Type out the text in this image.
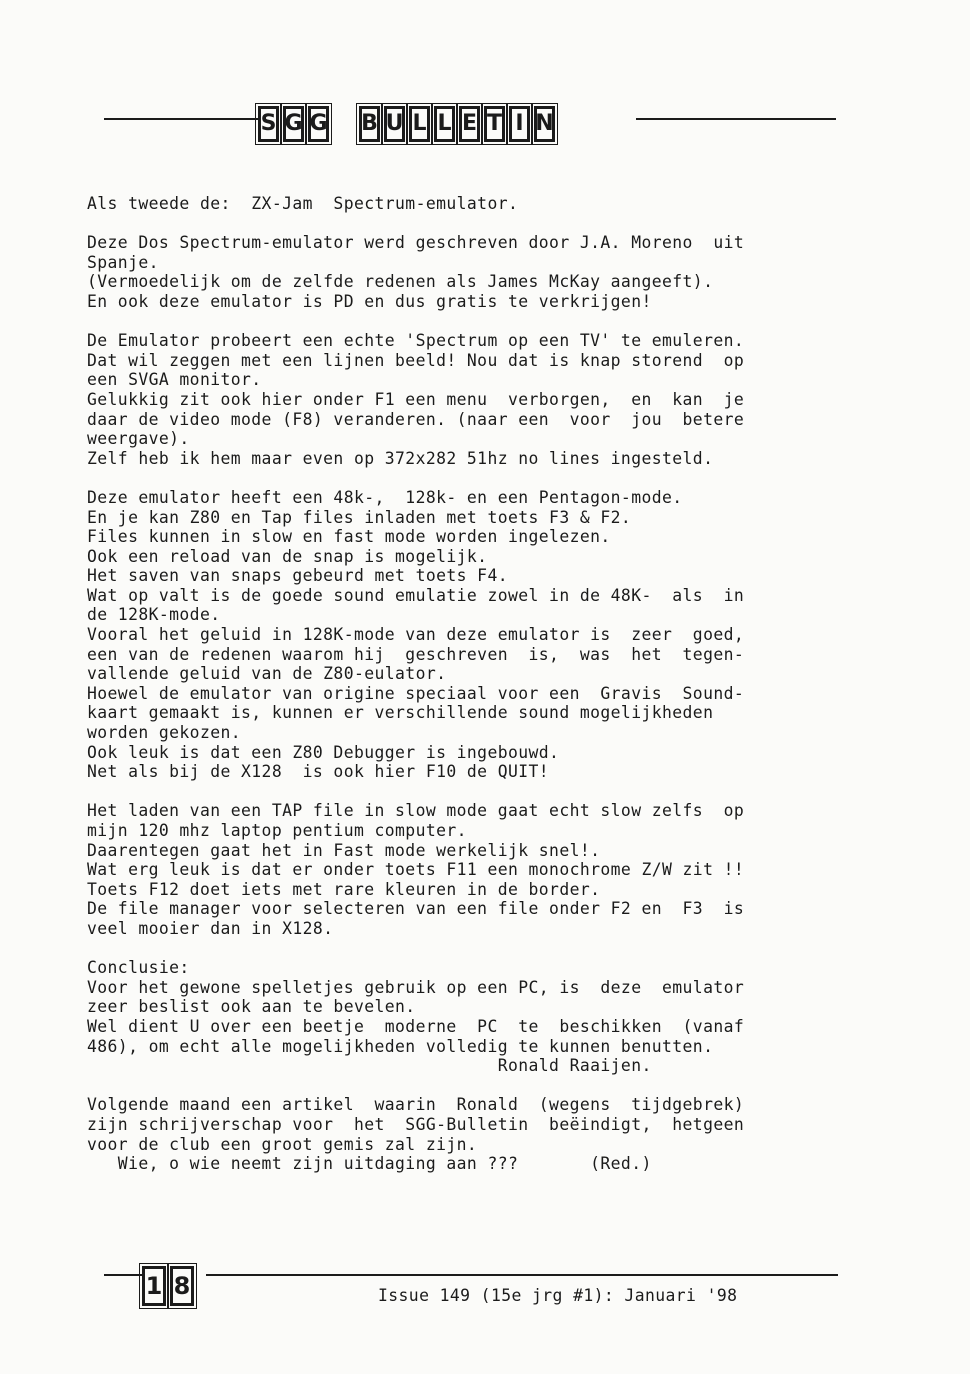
S G G B U L L E T I N
Als tweede de:  ZX-Jam  Spectrum-emulator.
Deze Dos Spectrum-emulator werd geschreven door J.A. Moreno  uit
Spanje.
(Vermoedelijk om de zelfde redenen als James McKay aangeeft).
En ook deze emulator is PD en dus gratis te verkrijgen!
De Emulator probeert een echte 'Spectrum op een TV' te emuleren.
Dat wil zeggen met een lijnen beeld! Nou dat is knap storend  op
een SVGA monitor.
Gelukkig zit ook hier onder F1 een menu  verborgen,  en  kan  je
daar de video mode (F8) veranderen. (naar een  voor  jou  betere
weergave).
Zelf heb ik hem maar even op 372x282 51hz no lines ingesteld.
Deze emulator heeft een 48k-,  128k- en een Pentagon-mode.
En je kan Z80 en Tap files inladen met toets F3 & F2.
Files kunnen in slow en fast mode worden ingelezen.
Ook een reload van de snap is mogelijk.
Het saven van snaps gebeurd met toets F4.
Wat op valt is de goede sound emulatie zowel in de 48K-  als  in
de 128K-mode.
Vooral het geluid in 128K-mode van deze emulator is  zeer  goed,
een van de redenen waarom hij  geschreven  is,  was  het  tegen-
vallende geluid van de Z80-eulator.
Hoewel de emulator van origine speciaal voor een  Gravis  Sound-
kaart gemaakt is, kunnen er verschillende sound mogelijkheden
worden gekozen.
Ook leuk is dat een Z80 Debugger is ingebouwd.
Net als bij de X128  is ook hier F10 de QUIT!
Het laden van een TAP file in slow mode gaat echt slow zelfs  op
mijn 120 mhz laptop pentium computer.
Daarentegen gaat het in Fast mode werkelijk snel!.
Wat erg leuk is dat er onder toets F11 een monochrome Z/W zit !!
Toets F12 doet iets met rare kleuren in de border.
De file manager voor selecteren van een file onder F2 en  F3  is
veel mooier dan in X128.
Conclusie:
Voor het gewone spelletjes gebruik op een PC, is  deze  emulator
zeer beslist ook aan te bevelen.
Wel dient U over een beetje  moderne  PC  te  beschikken  (vanaf
486), om echt alle mogelijkheden volledig te kunnen benutten.
Ronald Raaijen.
Volgende maand een artikel  waarin  Ronald  (wegens  tijdgebrek)
zijn schrijverschap voor  het  SGG-Bulletin  beëindigt,  hetgeen
voor de club een groot gemis zal zijn.
Wie, o wie neemt zijn uitdaging aan ???       (Red.)
1 8	Issue 149 (15e jrg #1): Januari '98
